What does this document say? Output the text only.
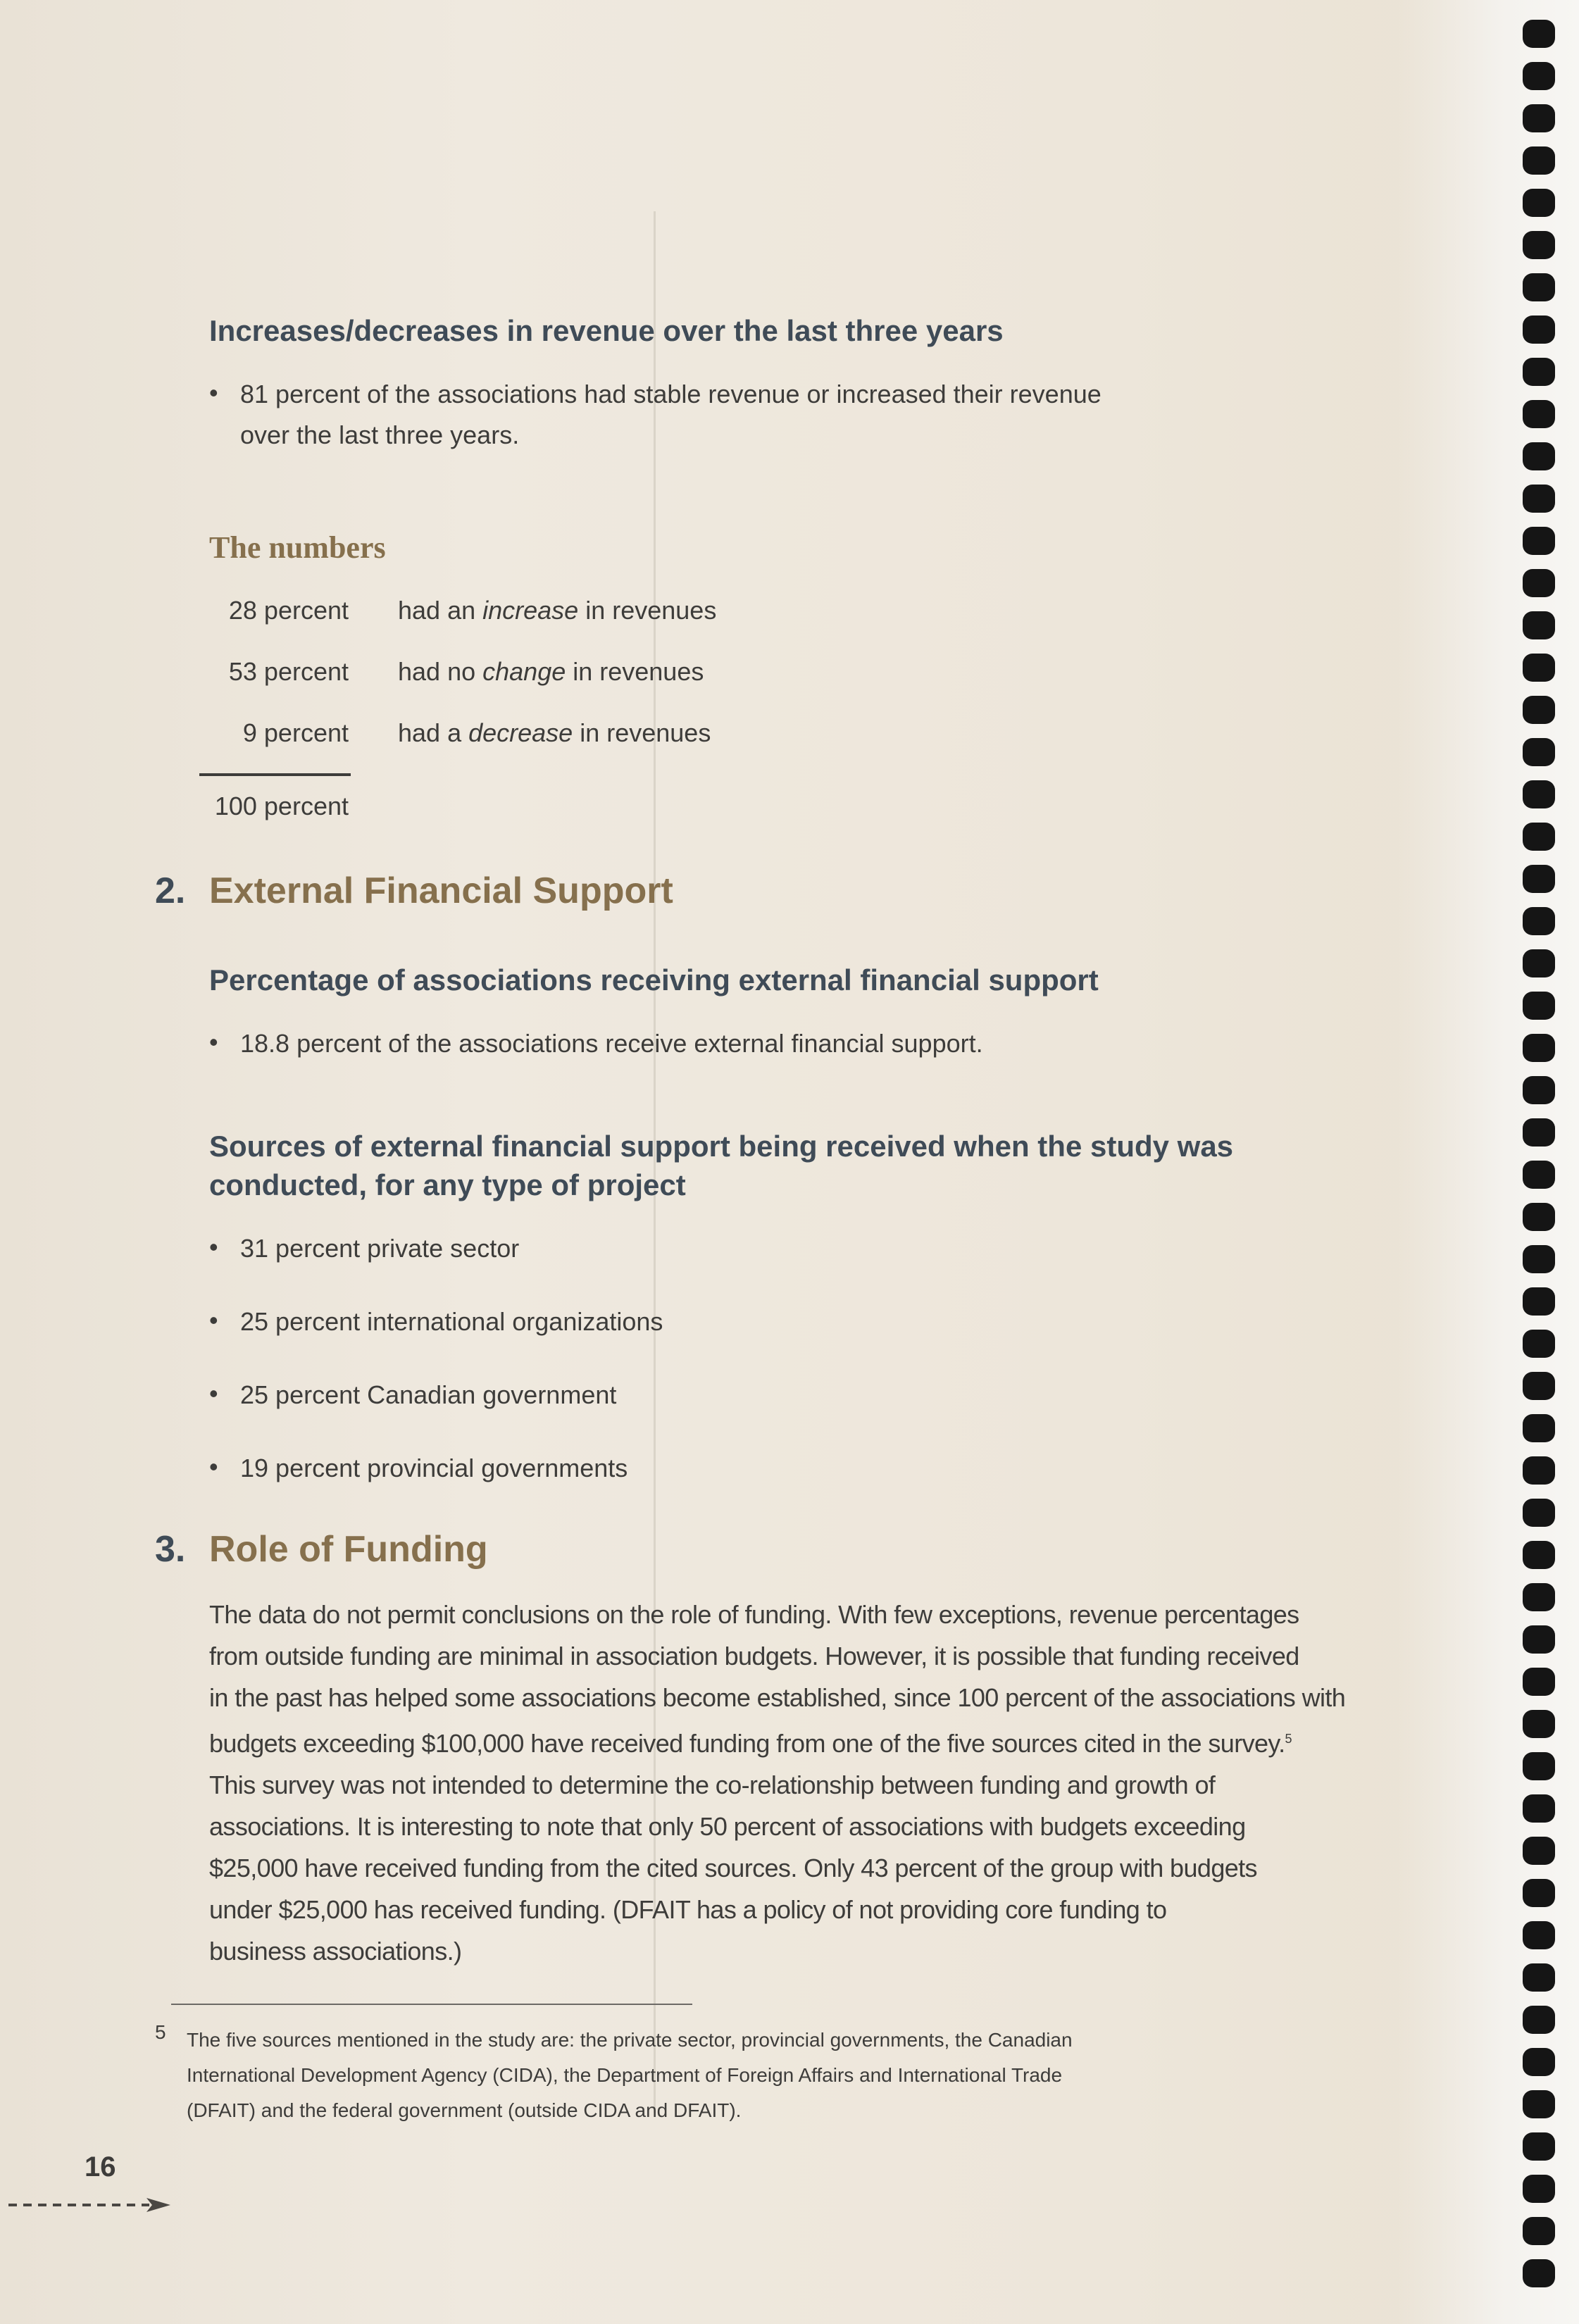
Increases/decreases in revenue over the last three years

• 81 percent of the associations had stable revenue or increased their revenue
over the last three years.

The numbers
28 percent had an increase in revenues
53 percent had no change in revenues
9 percent had a decrease in revenues
100 percent
2. External Financial Support
Percentage of associations receiving external financial support

• 18.8 percent of the associations receive external financial support.

Sources of external financial support being received when the study was
conducted, for any type of project

• 31 percent private sector

• 25 percent international organizations

• 25 percent Canadian government

• 19 percent provincial governments

3. Role of Funding

The data do not permit conclusions on the role of funding. With few exceptions, revenue percentages
from outside funding are minimal in association budgets. However, it is possible that funding received
in the past has helped some associations become established, since 100 percent of the associations with
budgets exceeding $100,000 have received funding from one of the five sources cited in the survey.$^5$
This survey was not intended to determine the co-relationship between funding and growth of
associations. It is interesting to note that only 50 percent of associations with budgets exceeding
$25,000 have received funding from the cited sources. Only 43 percent of the group with budgets
under $25,000 has received funding. (DFAIT has a policy of not providing core funding to
business associations.)

5 The five sources mentioned in the study are: the private sector, provincial governments, the Canadian
International Development Agency (CIDA), the Department of Foreign Affairs and International Trade
(DFAIT) and the federal government (outside CIDA and DFAIT).
16
